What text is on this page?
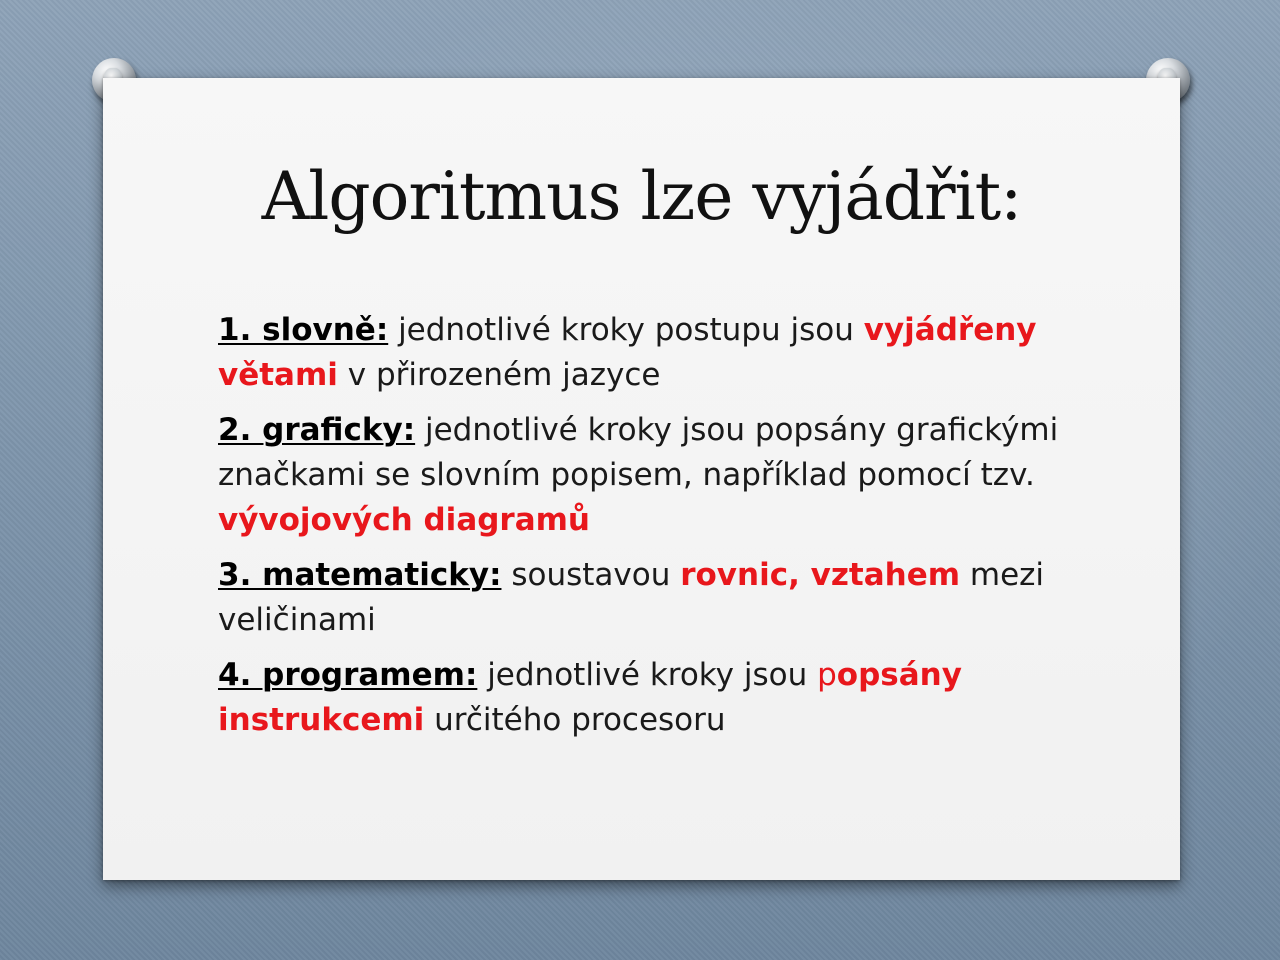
Algoritmus lze vyjádřit:

1. slovně: jednotlivé kroky postupu jsou vyjádřeny větami v přirozeném jazyce

2. graficky: jednotlivé kroky jsou popsány grafickými značkami se slovním popisem, například pomocí tzv. vývojových diagramů

3. matematicky: soustavou rovnic, vztahem mezi veličinami

4. programem: jednotlivé kroky jsou popsány instrukcemi určitého procesoru
